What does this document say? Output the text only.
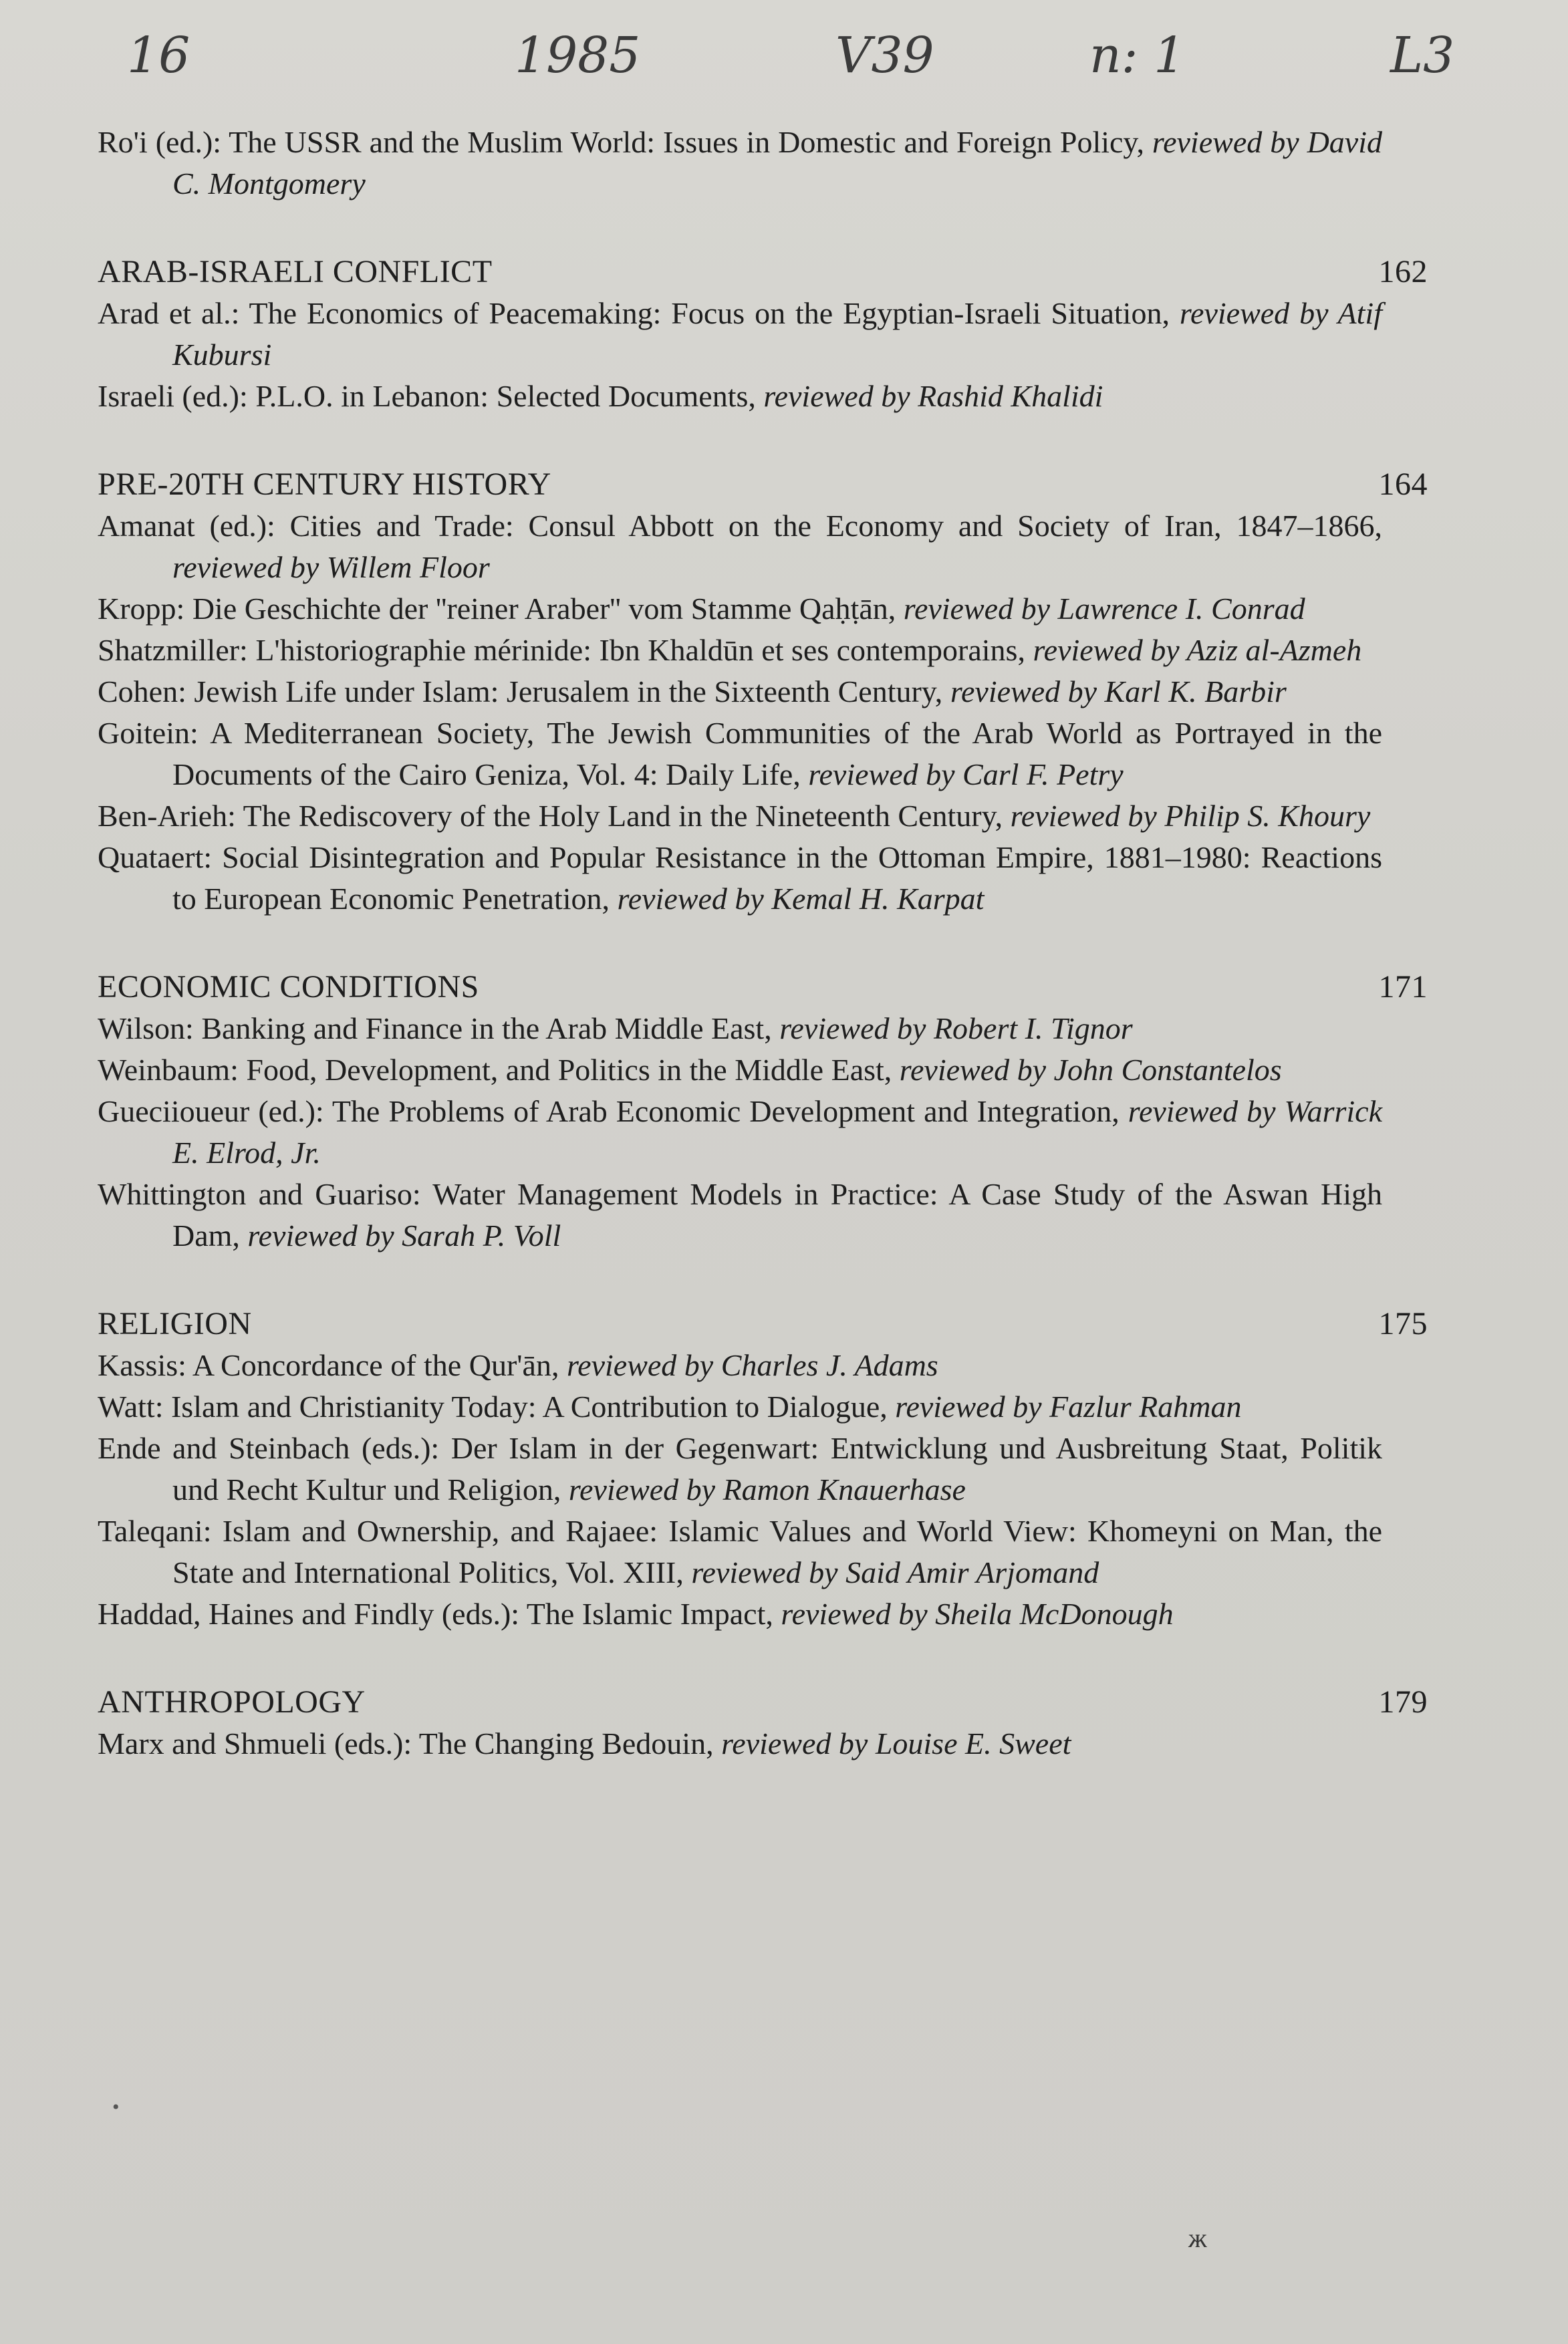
16	1985	V39	n: 1	L3

Ro'i (ed.): The USSR and the Muslim World: Issues in Domestic and Foreign Policy, reviewed by David C. Montgomery

ARAB-ISRAELI CONFLICT	162

Arad et al.: The Economics of Peacemaking: Focus on the Egyptian-Israeli Situation, reviewed by Atif Kubursi

Israeli (ed.): P.L.O. in Lebanon: Selected Documents, reviewed by Rashid Khalidi

PRE-20TH CENTURY HISTORY	164

Amanat (ed.): Cities and Trade: Consul Abbott on the Economy and Society of Iran, 1847–1866, reviewed by Willem Floor

Kropp: Die Geschichte der ''reiner Araber'' vom Stamme Qaḥṭān, reviewed by Lawrence I. Conrad

Shatzmiller: L'historiographie mérinide: Ibn Khaldūn et ses contemporains, reviewed by Aziz al-Azmeh

Cohen: Jewish Life under Islam: Jerusalem in the Sixteenth Century, reviewed by Karl K. Barbir

Goitein: A Mediterranean Society, The Jewish Communities of the Arab World as Portrayed in the Documents of the Cairo Geniza, Vol. 4: Daily Life, reviewed by Carl F. Petry

Ben-Arieh: The Rediscovery of the Holy Land in the Nineteenth Century, reviewed by Philip S. Khoury

Quataert: Social Disintegration and Popular Resistance in the Ottoman Empire, 1881–1980: Reactions to European Economic Penetration, reviewed by Kemal H. Karpat

ECONOMIC CONDITIONS	171

Wilson: Banking and Finance in the Arab Middle East, reviewed by Robert I. Tignor

Weinbaum: Food, Development, and Politics in the Middle East, reviewed by John Constantelos

Gueciioueur (ed.): The Problems of Arab Economic Development and Integration, reviewed by Warrick E. Elrod, Jr.

Whittington and Guariso: Water Management Models in Practice: A Case Study of the Aswan High Dam, reviewed by Sarah P. Voll

RELIGION	175

Kassis: A Concordance of the Qur'ān, reviewed by Charles J. Adams

Watt: Islam and Christianity Today: A Contribution to Dialogue, reviewed by Fazlur Rahman

Ende and Steinbach (eds.): Der Islam in der Gegenwart: Entwicklung und Ausbreitung Staat, Politik und Recht Kultur und Religion, reviewed by Ramon Knauerhase

Taleqani: Islam and Ownership, and Rajaee: Islamic Values and World View: Khomeyni on Man, the State and International Politics, Vol. XIII, reviewed by Said Amir Arjomand

Haddad, Haines and Findly (eds.): The Islamic Impact, reviewed by Sheila McDonough

ANTHROPOLOGY	179

Marx and Shmueli (eds.): The Changing Bedouin, reviewed by Louise E. Sweet

•
ж
